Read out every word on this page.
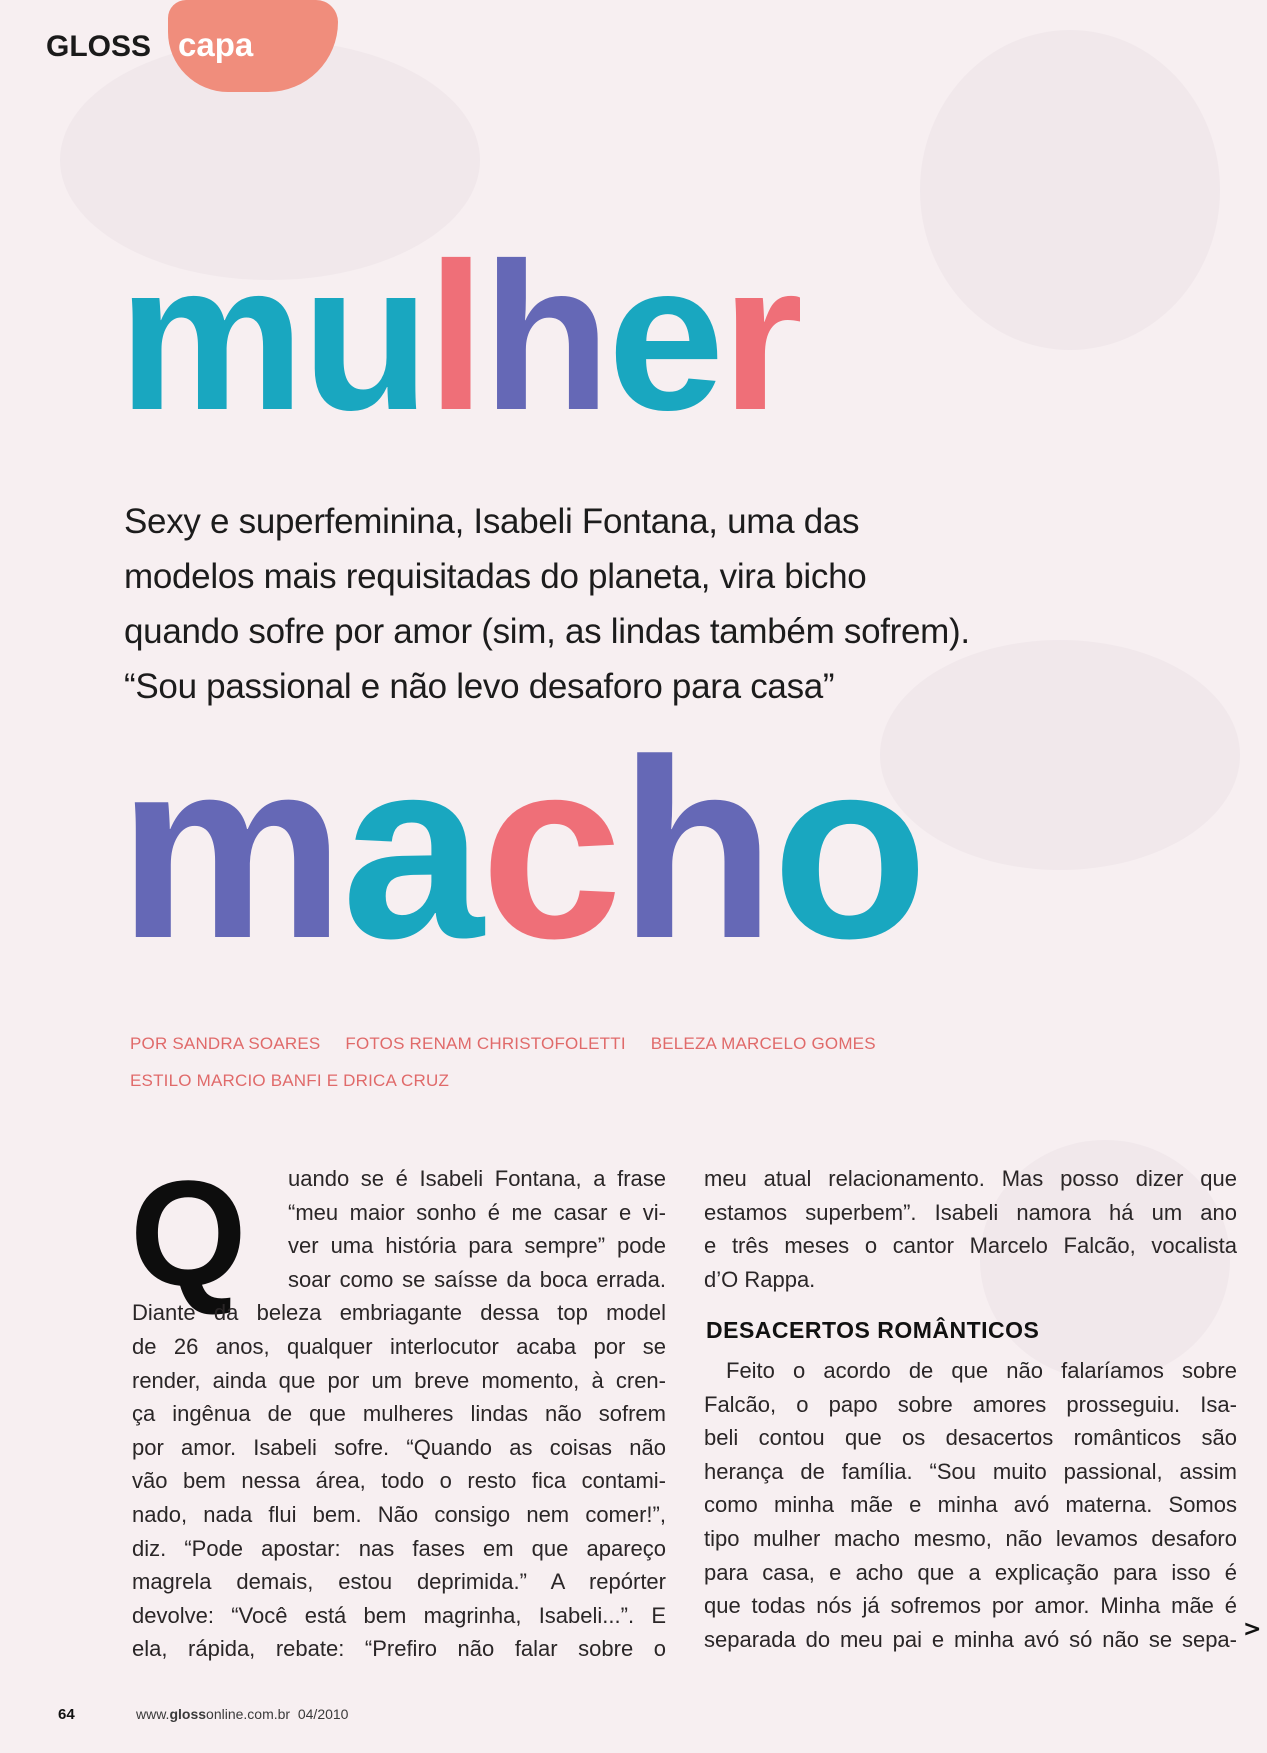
GLOSS capa
mulher
Sexy e superfeminina, Isabeli Fontana, uma das
modelos mais requisitadas do planeta, vira bicho
quando sofre por amor (sim, as lindas também sofrem).
“Sou passional e não levo desaforo para casa”
macho
POR SANDRA SOARES FOTOS RENAM CHRISTOFOLETTI BELEZA MARCELO GOMES
ESTILO MARCIO BANFI E DRICA CRUZ
Q	uando se é Isabeli Fontana, a frase
“meu maior sonho é me casar e vi-
ver uma história para sempre” pode
soar como se saísse da boca errada.
Diante da beleza embriagante dessa top model
de 26 anos, qualquer interlocutor acaba por se
render, ainda que por um breve momento, à cren-
ça ingênua de que mulheres lindas não sofrem
por amor. Isabeli sofre. “Quando as coisas não
vão bem nessa área, todo o resto fica contami-
nado, nada flui bem. Não consigo nem comer!”,
diz. “Pode apostar: nas fases em que apareço
magrela demais, estou deprimida.” A repórter
devolve: “Você está bem magrinha, Isabeli...”. E
ela, rápida, rebate: “Prefiro não falar sobre o
meu atual relacionamento. Mas posso dizer que
estamos superbem”. Isabeli namora há um ano
e três meses o cantor Marcelo Falcão, vocalista
d’O Rappa.
DESACERTOS ROMÂNTICOS
Feito o acordo de que não falaríamos sobre
Falcão, o papo sobre amores prosseguiu. Isa-
beli contou que os desacertos românticos são
herança de família. “Sou muito passional, assim
como minha mãe e minha avó materna. Somos
tipo mulher macho mesmo, não levamos desaforo
para casa, e acho que a explicação para isso é
que todas nós já sofremos por amor. Minha mãe é
separada do meu pai e minha avó só não se sepa- >
64	www.glossonline.com.br 04/2010
